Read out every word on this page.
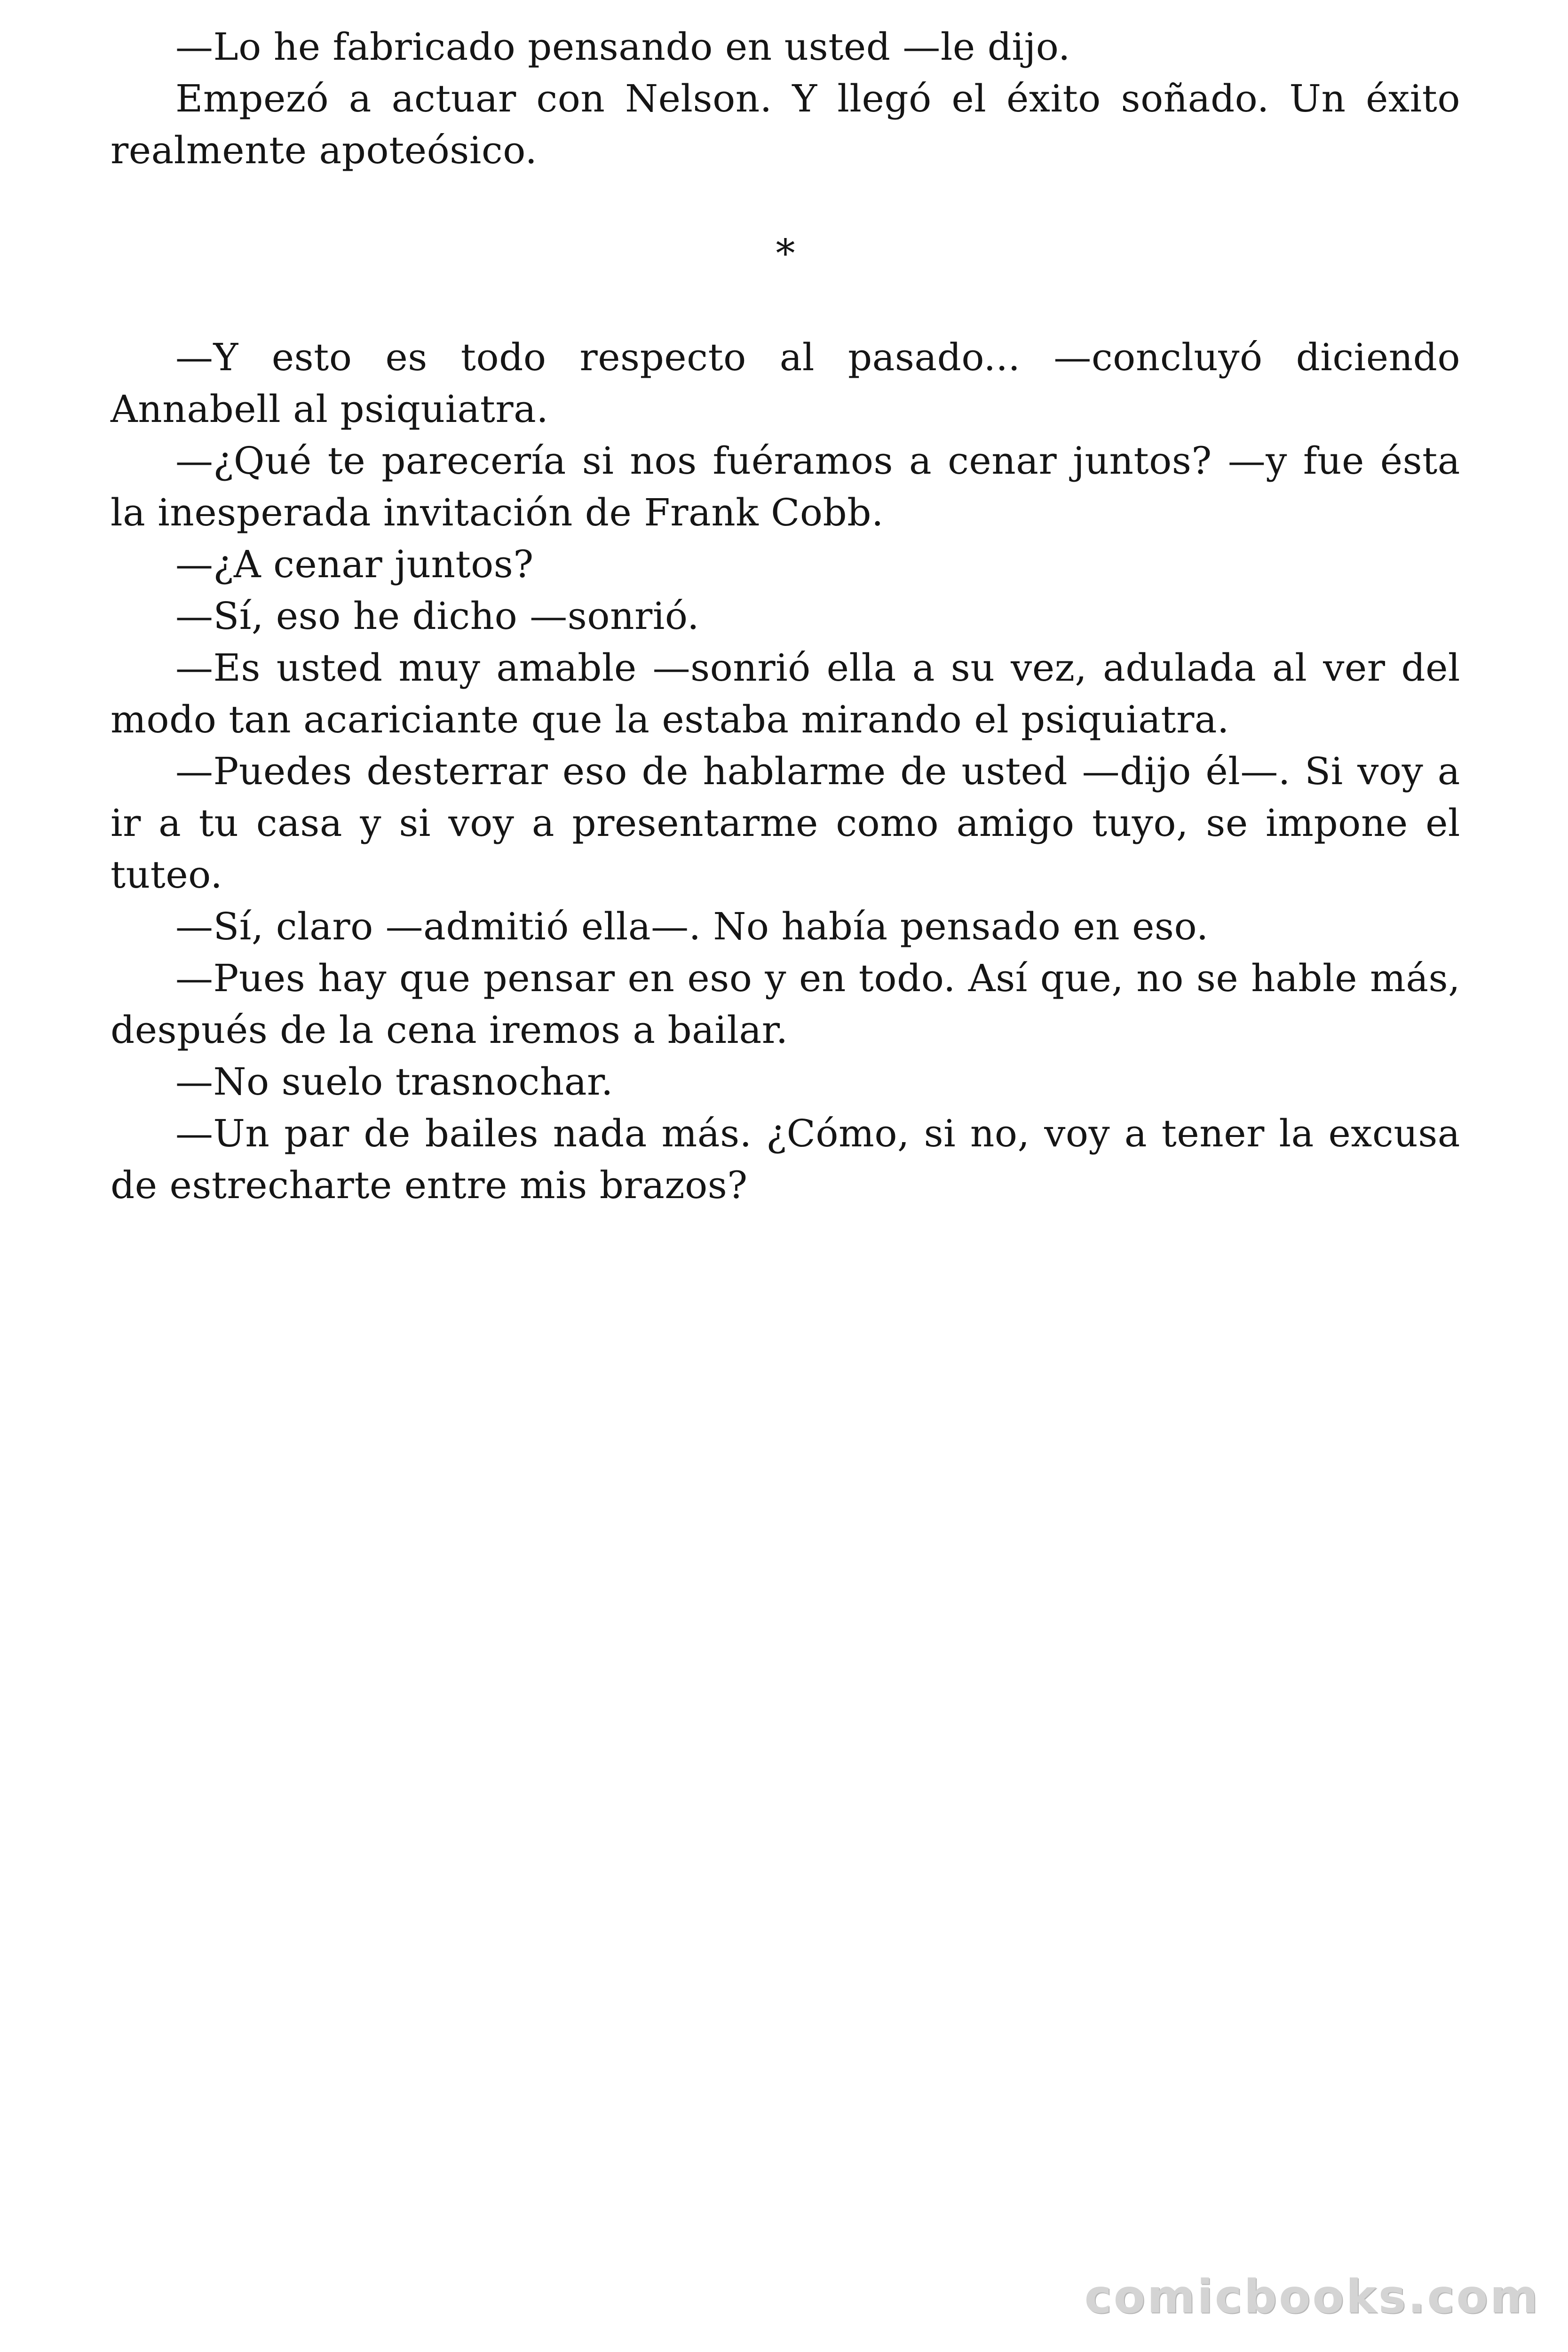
—Lo he fabricado pensando en usted —le dijo.

Empezó a actuar con Nelson. Y llegó el éxito soñado. Un éxito realmente apoteósico.

*

—Y esto es todo respecto al pasado... —concluyó diciendo Annabell al psiquiatra.

—¿Qué te parecería si nos fuéramos a cenar juntos? —y fue ésta la inesperada invitación de Frank Cobb.

—¿A cenar juntos?

—Sí, eso he dicho —sonrió.

—Es usted muy amable —sonrió ella a su vez, adulada al ver del modo tan acariciante que la estaba mirando el psiquiatra.

—Puedes desterrar eso de hablarme de usted —dijo él—. Si voy a ir a tu casa y si voy a presentarme como amigo tuyo, se impone el tuteo.

—Sí, claro —admitió ella—. No había pensado en eso.

—Pues hay que pensar en eso y en todo. Así que, no se hable más, después de la cena iremos a bailar.

—No suelo trasnochar.

—Un par de bailes nada más. ¿Cómo, si no, voy a tener la excusa de estrecharte entre mis brazos?

comicbooks.com
